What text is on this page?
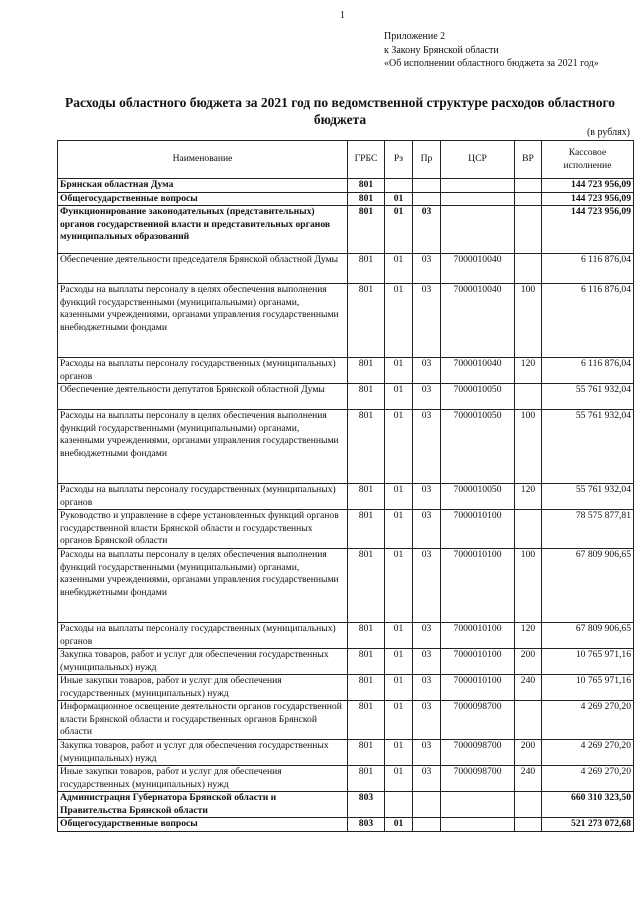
1
Приложение 2
к Закону Брянской области
«Об исполнении областного бюджета за 2021 год»
Расходы областного бюджета за 2021 год по ведомственной структуре расходов областного бюджета
(в рублях)
Наименование	ГРБС	Рз	Пр	ЦСР	ВР	Кассовое исполнение
Брянская областная Дума	801					144 723 956,09
Общегосударственные вопросы	801	01				144 723 956,09
Функционирование законодательных (представительных) органов государственной власти и представительных органов муниципальных образований	801	01	03			144 723 956,09
Обеспечение деятельности председателя Брянской областной Думы	801	01	03	7000010040		6 116 876,04
Расходы на выплаты персоналу в целях обеспечения выполнения функций государственными (муниципальными) органами, казенными учреждениями, органами управления государственными внебюджетными фондами	801	01	03	7000010040	100	6 116 876,04
Расходы на выплаты персоналу государственных (муниципальных) органов	801	01	03	7000010040	120	6 116 876,04
Обеспечение деятельности депутатов Брянской областной Думы	801	01	03	7000010050		55 761 932,04
Расходы на выплаты персоналу в целях обеспечения выполнения функций государственными (муниципальными) органами, казенными учреждениями, органами управления государственными внебюджетными фондами	801	01	03	7000010050	100	55 761 932,04
Расходы на выплаты персоналу государственных (муниципальных) органов	801	01	03	7000010050	120	55 761 932,04
Руководство и управление в сфере установленных функций органов государственной власти Брянской области и государственных органов Брянской области	801	01	03	7000010100		78 575 877,81
Расходы на выплаты персоналу в целях обеспечения выполнения функций государственными (муниципальными) органами, казенными учреждениями, органами управления государственными внебюджетными фондами	801	01	03	7000010100	100	67 809 906,65
Расходы на выплаты персоналу государственных (муниципальных) органов	801	01	03	7000010100	120	67 809 906,65
Закупка товаров, работ и услуг для обеспечения государственных (муниципальных) нужд	801	01	03	7000010100	200	10 765 971,16
Иные закупки товаров, работ и услуг для обеспечения государственных (муниципальных) нужд	801	01	03	7000010100	240	10 765 971,16
Информационное освещение деятельности органов государственной власти Брянской области и государственных органов Брянской области	801	01	03	7000098700		4 269 270,20
Закупка товаров, работ и услуг для обеспечения государственных (муниципальных) нужд	801	01	03	7000098700	200	4 269 270,20
Иные закупки товаров, работ и услуг для обеспечения государственных (муниципальных) нужд	801	01	03	7000098700	240	4 269 270,20
Администрация Губернатора Брянской области и Правительства Брянской области	803					660 310 323,50
Общегосударственные вопросы	803	01				521 273 072,68
